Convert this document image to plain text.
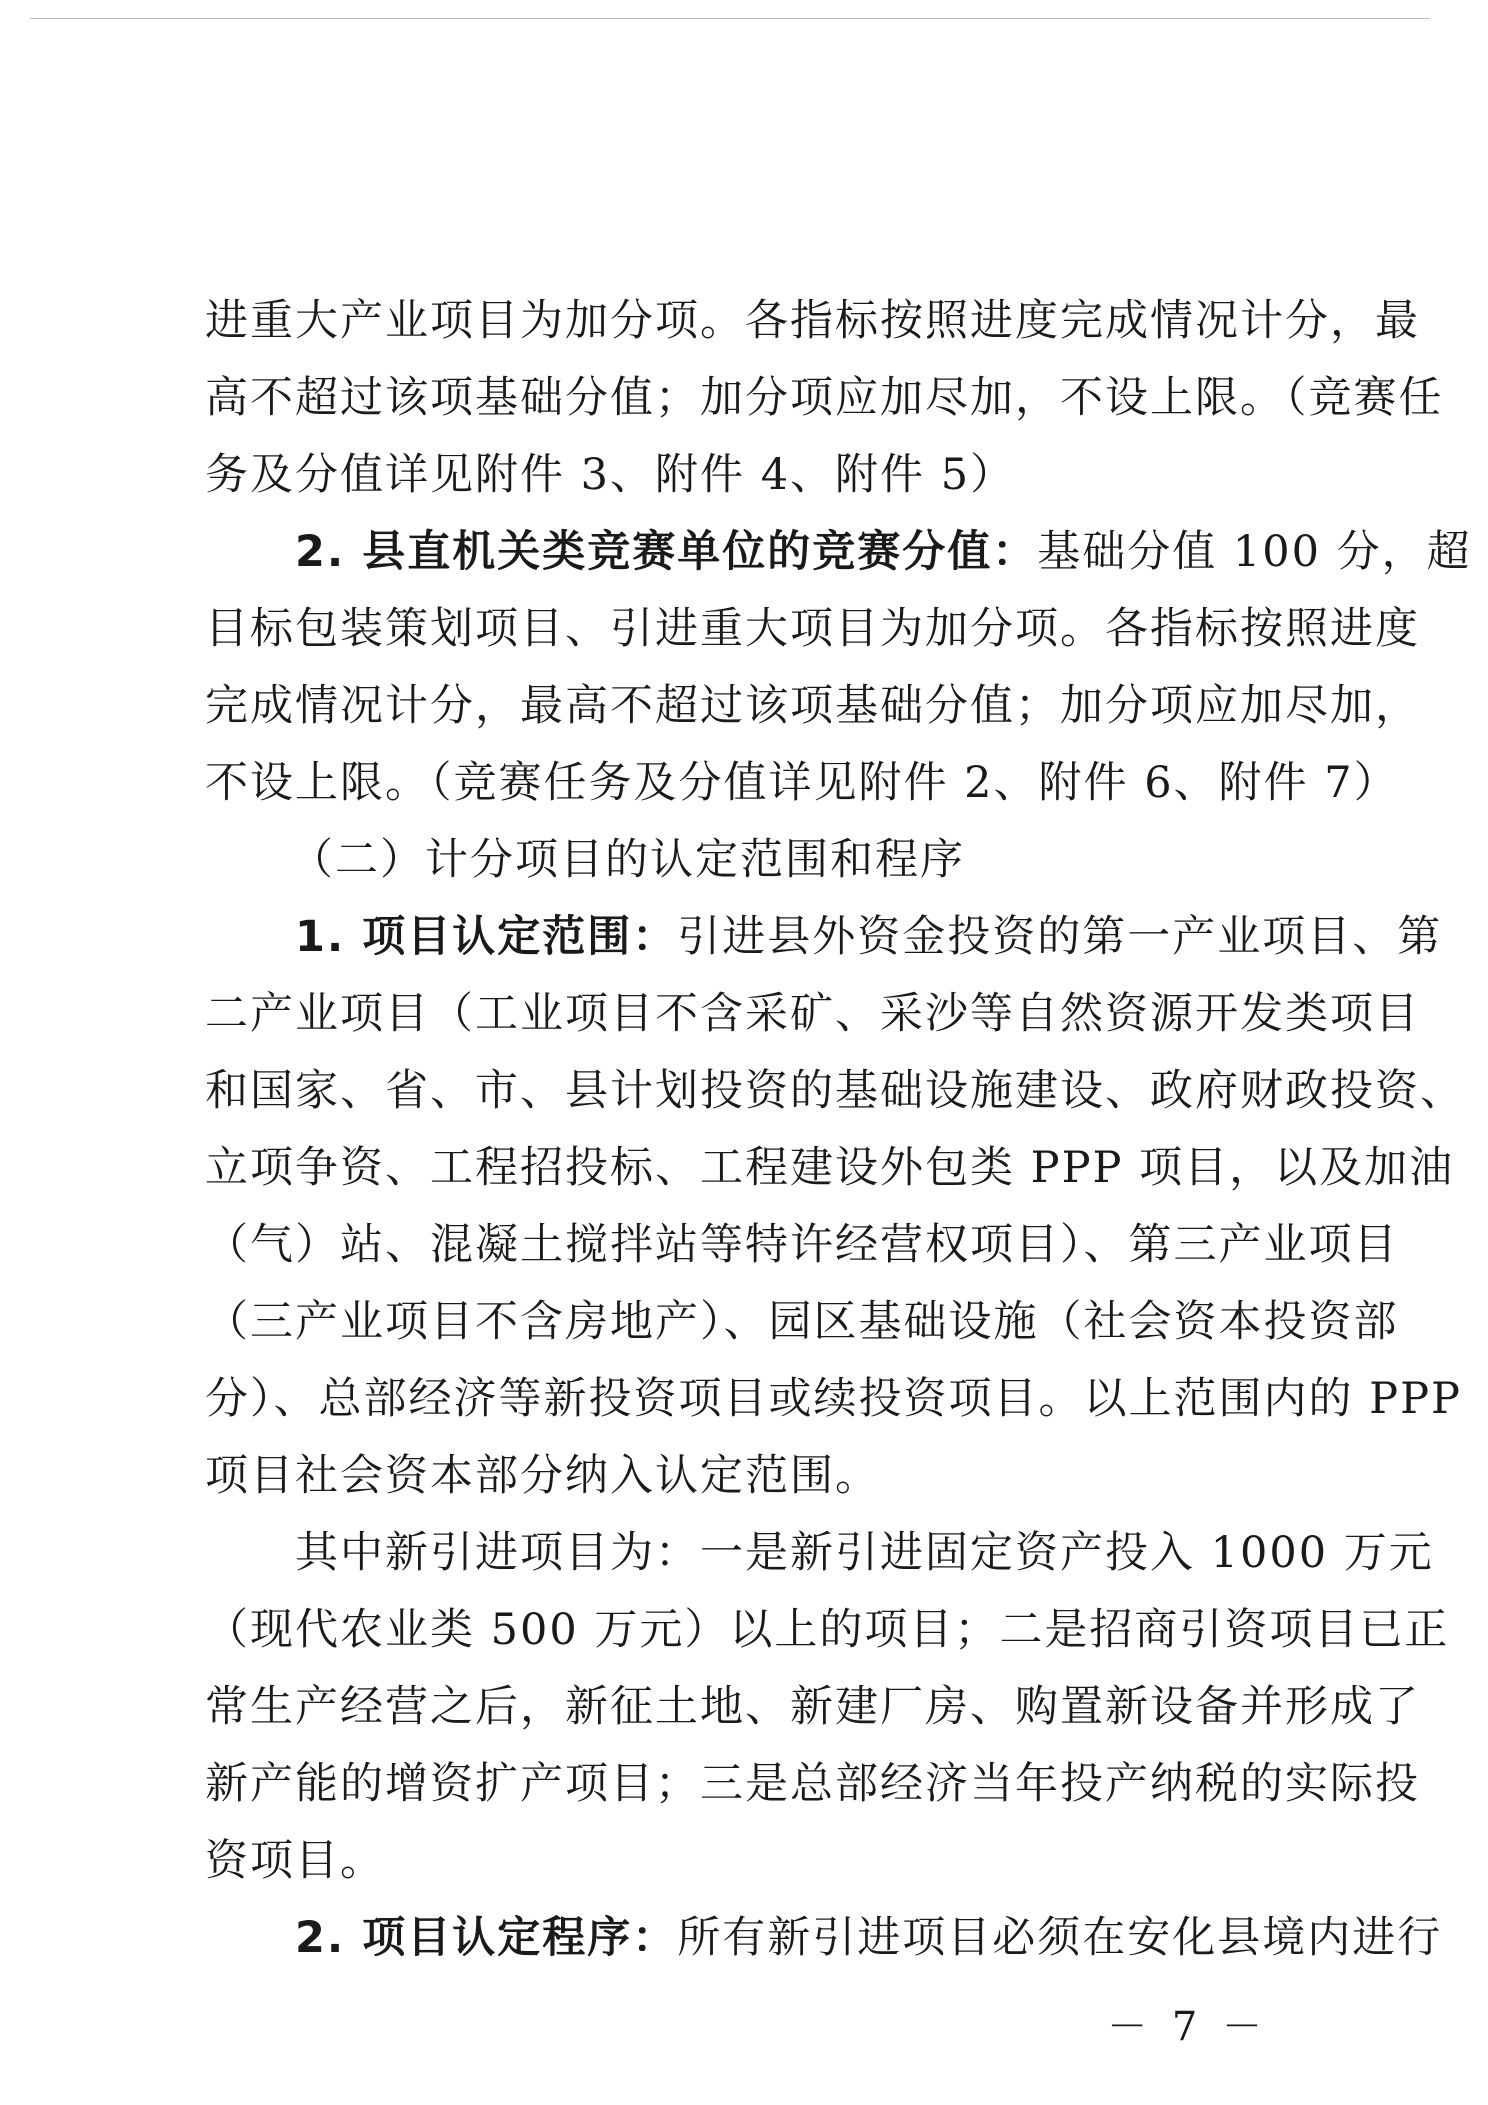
进重大产业项目为加分项。各指标按照进度完成情况计分，最
高不超过该项基础分值；加分项应加尽加，不设上限。（竞赛任
务及分值详见附件 3、附件 4、附件 5）
2. 县直机关类竞赛单位的竞赛分值：基础分值 100 分，超
目标包装策划项目、引进重大项目为加分项。各指标按照进度
完成情况计分，最高不超过该项基础分值；加分项应加尽加，
不设上限。（竞赛任务及分值详见附件 2、附件 6、附件 7）
（二）计分项目的认定范围和程序
1. 项目认定范围：引进县外资金投资的第一产业项目、第
二产业项目（工业项目不含采矿、采沙等自然资源开发类项目
和国家、省、市、县计划投资的基础设施建设、政府财政投资、
立项争资、工程招投标、工程建设外包类 PPP 项目，以及加油
（气）站、混凝土搅拌站等特许经营权项目）、第三产业项目
（三产业项目不含房地产）、园区基础设施（社会资本投资部
分）、总部经济等新投资项目或续投资项目。以上范围内的 PPP
项目社会资本部分纳入认定范围。
其中新引进项目为：一是新引进固定资产投入 1000 万元
（现代农业类 500 万元）以上的项目；二是招商引资项目已正
常生产经营之后，新征土地、新建厂房、购置新设备并形成了
新产能的增资扩产项目；三是总部经济当年投产纳税的实际投
资项目。
2. 项目认定程序：所有新引进项目必须在安化县境内进行
－ 7 －
